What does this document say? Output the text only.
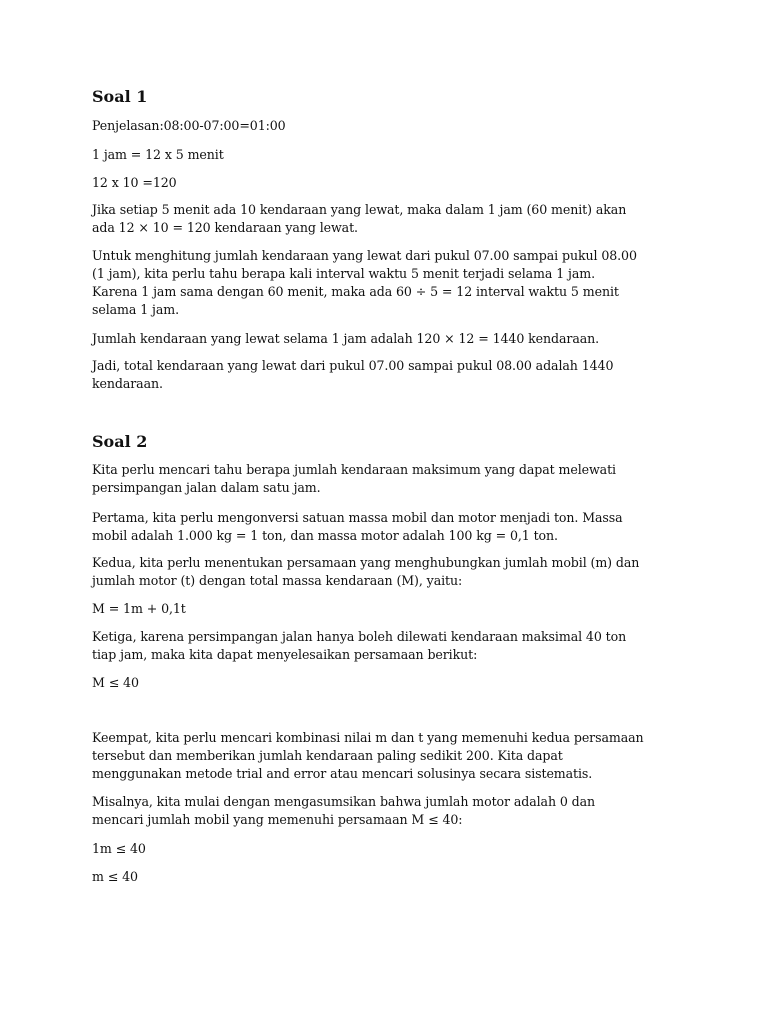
Soal 1
Penjelasan:08:00-07:00=01:00
1 jam = 12 x 5 menit
12 x 10 =120
Jika setiap 5 menit ada 10 kendaraan yang lewat, maka dalam 1 jam (60 menit) akan
ada 12 × 10 = 120 kendaraan yang lewat.
Untuk menghitung jumlah kendaraan yang lewat dari pukul 07.00 sampai pukul 08.00
(1 jam), kita perlu tahu berapa kali interval waktu 5 menit terjadi selama 1 jam.
Karena 1 jam sama dengan 60 menit, maka ada 60 ÷ 5 = 12 interval waktu 5 menit
selama 1 jam.
Jumlah kendaraan yang lewat selama 1 jam adalah 120 × 12 = 1440 kendaraan.
Jadi, total kendaraan yang lewat dari pukul 07.00 sampai pukul 08.00 adalah 1440
kendaraan.
Soal 2
Kita perlu mencari tahu berapa jumlah kendaraan maksimum yang dapat melewati
persimpangan jalan dalam satu jam.
Pertama, kita perlu mengonversi satuan massa mobil dan motor menjadi ton. Massa
mobil adalah 1.000 kg = 1 ton, dan massa motor adalah 100 kg = 0,1 ton.
Kedua, kita perlu menentukan persamaan yang menghubungkan jumlah mobil (m) dan
jumlah motor (t) dengan total massa kendaraan (M), yaitu:
M = 1m + 0,1t
Ketiga, karena persimpangan jalan hanya boleh dilewati kendaraan maksimal 40 ton
tiap jam, maka kita dapat menyelesaikan persamaan berikut:
M ≤ 40
Keempat, kita perlu mencari kombinasi nilai m dan t yang memenuhi kedua persamaan
tersebut dan memberikan jumlah kendaraan paling sedikit 200. Kita dapat
menggunakan metode trial and error atau mencari solusinya secara sistematis.
Misalnya, kita mulai dengan mengasumsikan bahwa jumlah motor adalah 0 dan
mencari jumlah mobil yang memenuhi persamaan M ≤ 40:
1m ≤ 40
m ≤ 40
